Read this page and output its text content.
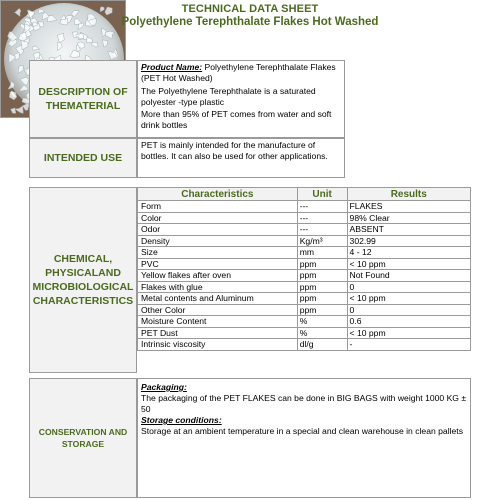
TECHNICAL DATA SHEET
Polyethylene Terephthalate Flakes Hot Washed
DESCRIPTION OF THEMATERIAL
Product Name: Polyethylene Terephthalate Flakes (PET Hot Washed)
The Polyethylene Terephthalate is a saturated polyester -type plastic
More than 95% of PET comes from water and soft drink bottles
INTENDED USE
PET is mainly intended for the manufacture of bottles. It can also be used for other applications.
CHEMICAL, PHYSICALAND MICROBIOLOGICAL CHARACTERISTICS
Characteristics	Unit	Results
Form	---	FLAKES
Color	---	98% Clear
Odor	---	ABSENT
Density	Kg/m³	302.99
Size	mm	4 - 12
PVC	ppm	< 10 ppm
Yellow flakes after oven	ppm	Not Found
Flakes with glue	ppm	0
Metal contents and Aluminum	ppm	< 10 ppm
Other Color	ppm	0
Moisture Content	%	0.6
PET Dust	%	< 10 ppm
Intrinsic viscosity	dl/g	-
CONSERVATION AND STORAGE
Packaging:
The packaging of the PET FLAKES can be done in BIG BAGS with weight 1000 KG ± 50
Storage conditions:
Storage at an ambient temperature in a special and clean warehouse in clean pallets
